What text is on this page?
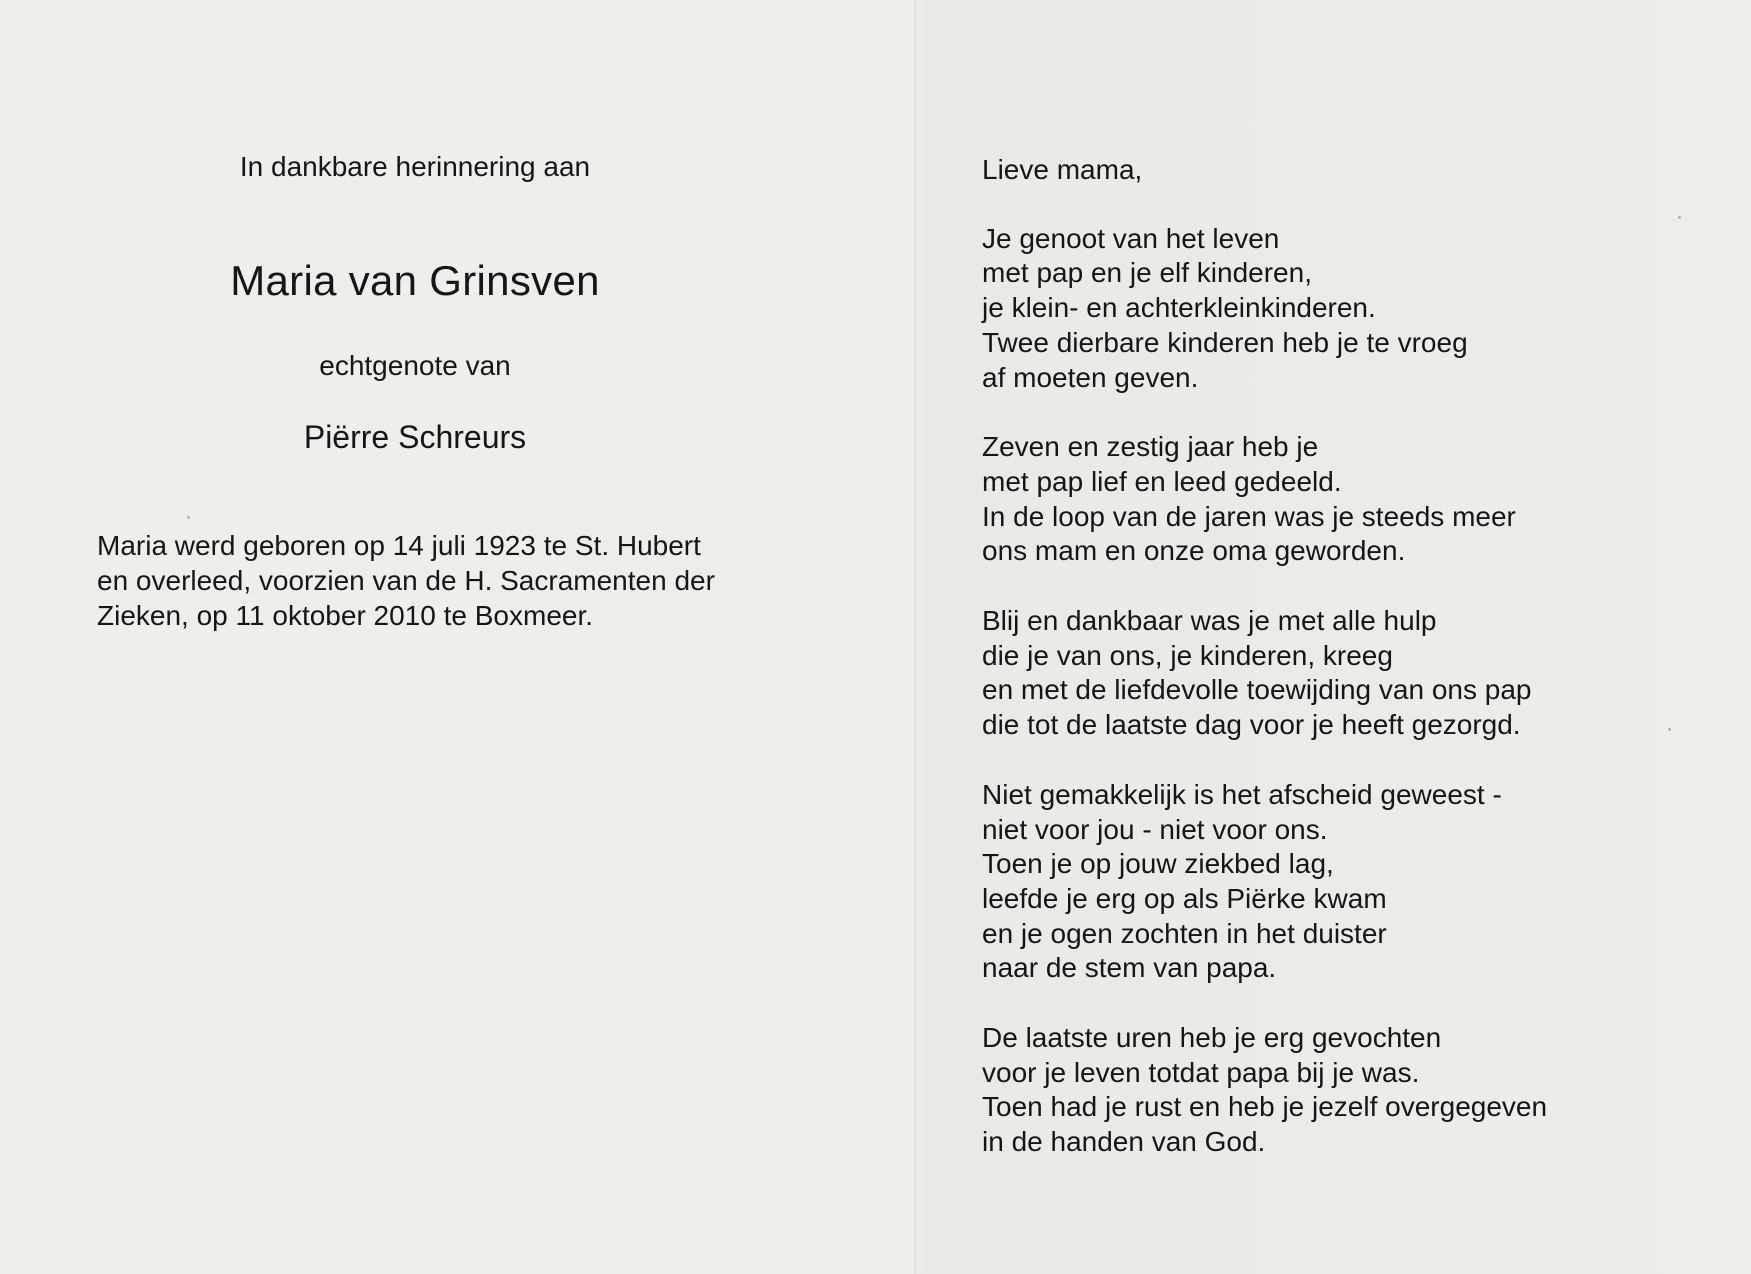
In dankbare herinnering aan
Maria van Grinsven
echtgenote van
Piërre Schreurs
Maria werd geboren op 14 juli 1923 te St. Hubert
en overleed, voorzien van de H. Sacramenten der
Zieken, op 11 oktober 2010 te Boxmeer.
Lieve mama,
Je genoot van het leven
met pap en je elf kinderen,
je klein- en achterkleinkinderen.
Twee dierbare kinderen heb je te vroeg
af moeten geven.
Zeven en zestig jaar heb je
met pap lief en leed gedeeld.
In de loop van de jaren was je steeds meer
ons mam en onze oma geworden.
Blij en dankbaar was je met alle hulp
die je van ons, je kinderen, kreeg
en met de liefdevolle toewijding van ons pap
die tot de laatste dag voor je heeft gezorgd.
Niet gemakkelijk is het afscheid geweest -
niet voor jou - niet voor ons.
Toen je op jouw ziekbed lag,
leefde je erg op als Piërke kwam
en je ogen zochten in het duister
naar de stem van papa.
De laatste uren heb je erg gevochten
voor je leven totdat papa bij je was.
Toen had je rust en heb je jezelf overgegeven
in de handen van God.
